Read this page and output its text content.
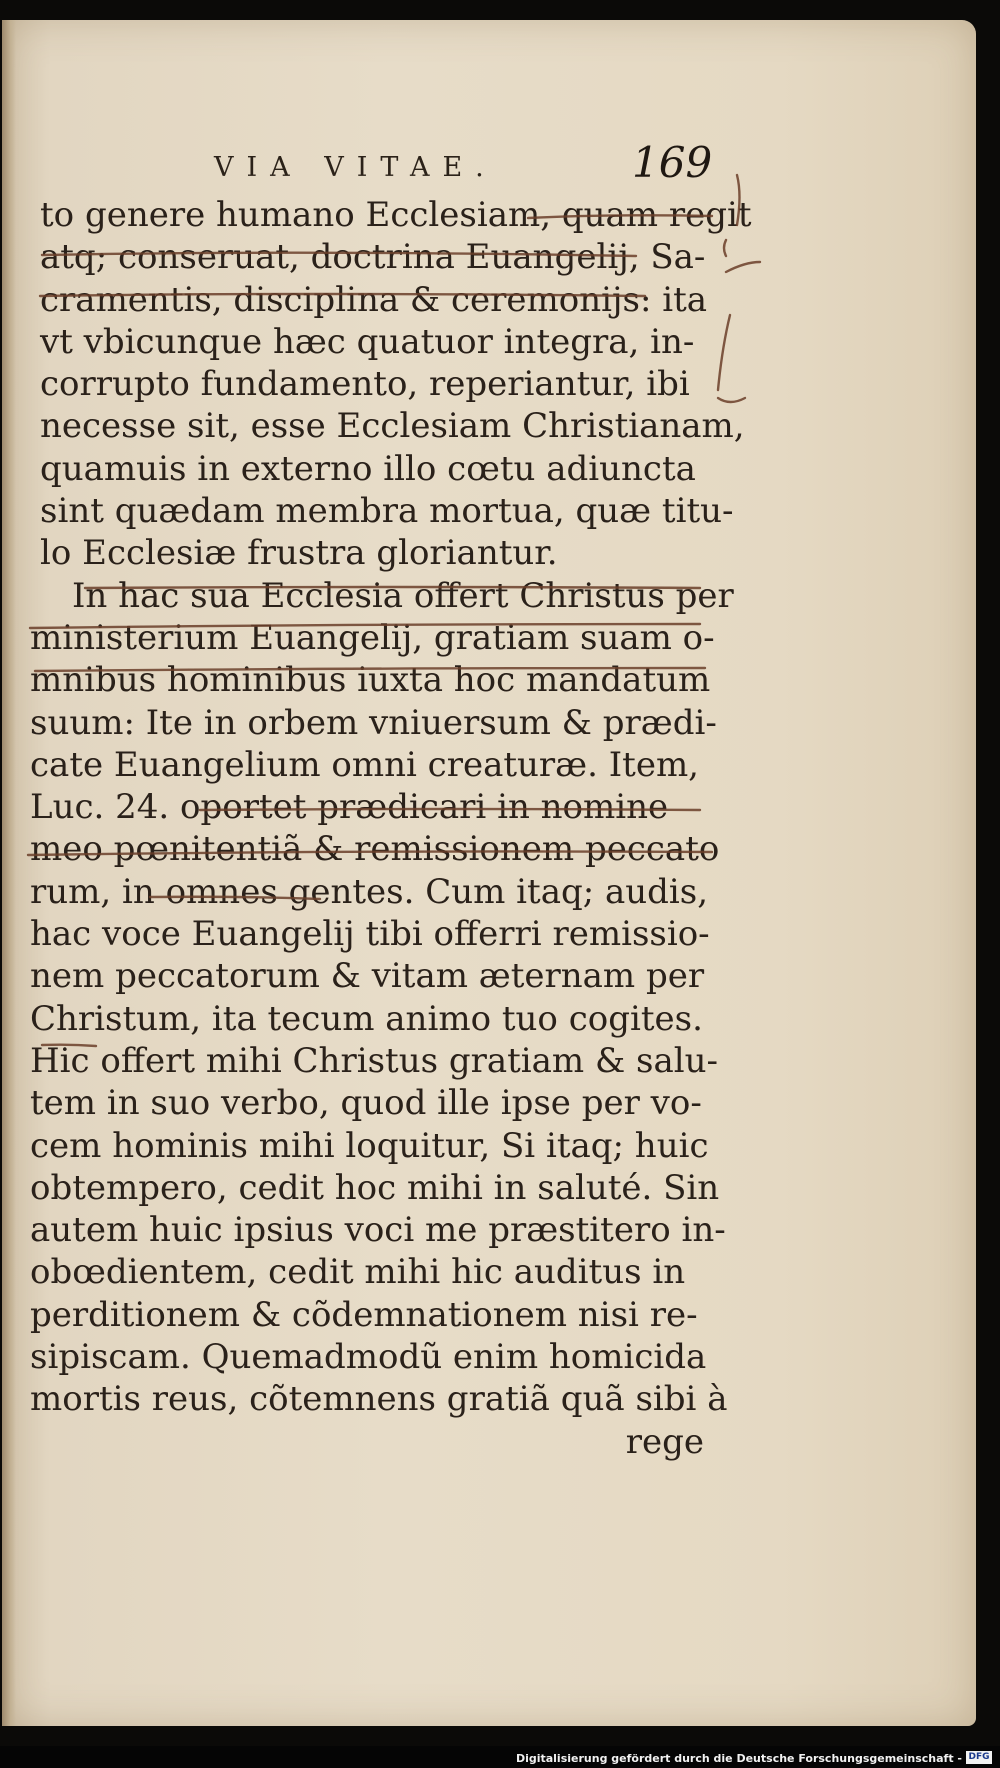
VIA VITAE.	169
to genere humano Ecclesiam, quam regit
atq; conseruat, doctrina Euangelij, Sa-
cramentis, disciplina & ceremonijs: ita
vt vbicunque hæc quatuor integra, in-
corrupto fundamento, reperiantur, ibi
necesse sit, esse Ecclesiam Christianam,
quamuis in externo illo cœtu adiuncta
sint quædam membra mortua, quæ titu-
lo Ecclesiæ frustra gloriantur.
In hac sua Ecclesia offert Christus per
ministerium Euangelij, gratiam suam o-
mnibus hominibus iuxta hoc mandatum
suum: Ite in orbem vniuersum & prædi-
cate Euangelium omni creaturæ. Item,
Luc. 24. oportet prædicari in nomine
meo pœnitentiã & remissionem peccato
rum, in omnes gentes. Cum itaq; audis,
hac voce Euangelij tibi offerri remissio-
nem peccatorum & vitam æternam per
Christum, ita tecum animo tuo cogites.
Hic offert mihi Christus gratiam & salu-
tem in suo verbo, quod ille ipse per vo-
cem hominis mihi loquitur, Si itaq; huic
obtempero, cedit hoc mihi in saluté. Sin
autem huic ipsius voci me præstitero in-
obœdientem, cedit mihi hic auditus in
perditionem & cõdemnationem nisi re-
sipiscam. Quemadmodũ enim homicida
mortis reus, cõtemnens gratiã quã sibi à
rege
Digitalisierung gefördert durch die Deutsche Forschungsgemeinschaft - DFG
